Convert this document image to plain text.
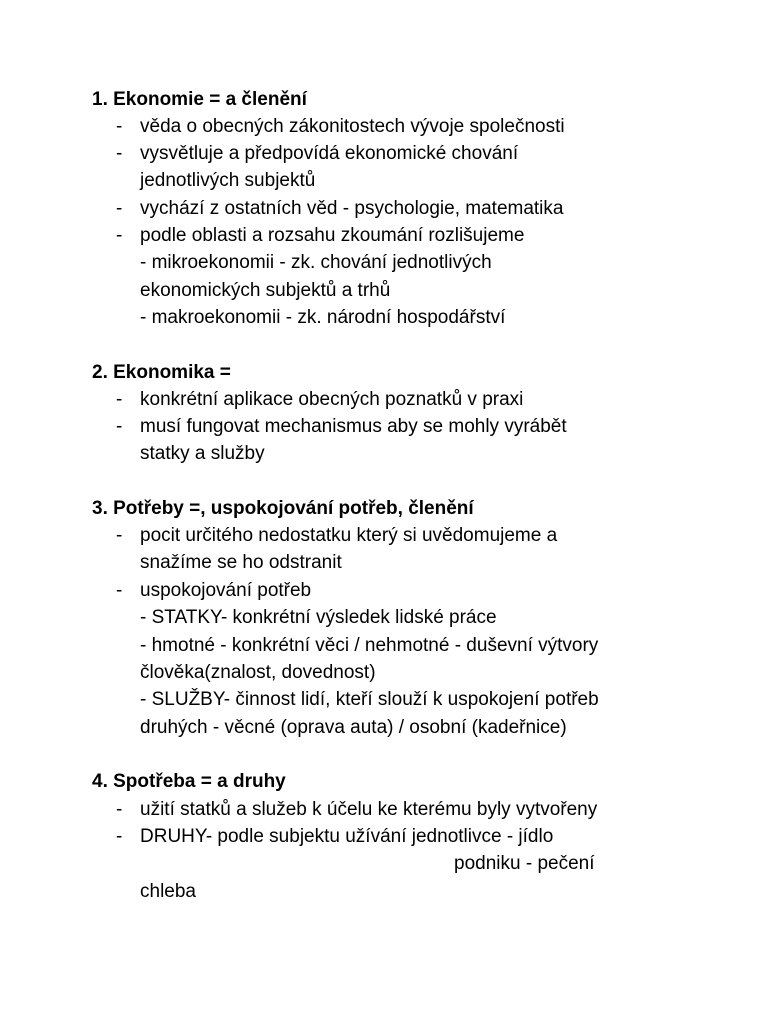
1. Ekonomie = a členění
- věda o obecných zákonitostech vývoje společnosti
- vysvětluje a předpovídá ekonomické chování
jednotlivých subjektů
- vychází z ostatních věd - psychologie, matematika
- podle oblasti a rozsahu zkoumání rozlišujeme
- mikroekonomii - zk. chování jednotlivých
ekonomických subjektů a trhů
- makroekonomii - zk. národní hospodářství
2. Ekonomika =
- konkrétní aplikace obecných poznatků v praxi
- musí fungovat mechanismus aby se mohly vyrábět
statky a služby
3. Potřeby =, uspokojování potřeb, členění
- pocit určitého nedostatku který si uvědomujeme a
snažíme se ho odstranit
- uspokojování potřeb
- STATKY- konkrétní výsledek lidské práce
- hmotné - konkrétní věci / nehmotné - duševní výtvory
člověka(znalost, dovednost)
- SLUŽBY- činnost lidí, kteří slouží k uspokojení potřeb
druhých - věcné (oprava auta) / osobní (kadeřnice)
4. Spotřeba = a druhy
- užití statků a služeb k účelu ke kterému byly vytvořeny
- DRUHY- podle subjektu užívání jednotlivce - jídlo
podniku - pečení
chleba
